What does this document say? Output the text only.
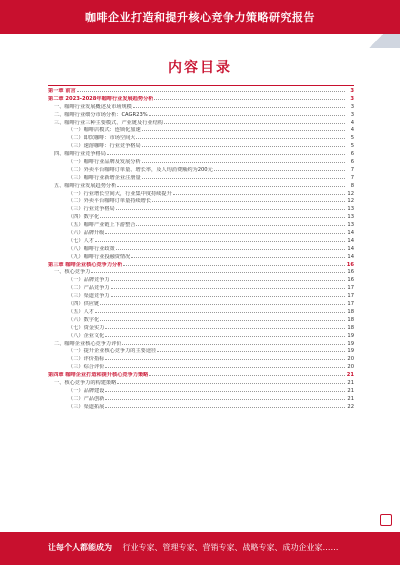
咖啡企业打造和提升核心竞争力策略研究报告
内容目录
第一章 前言	3
第二章 2023-2028年咖啡行业发展趋势分析	3
一、咖啡行业发展概述及市场规模	3
二、咖啡行业细分市场分析：CAGR23%	3
三、咖啡行业三种主要模式、产业链及行业结构	4
（一）咖啡店模式：连锁化加速	4
（二）即饮咖啡：市场空间大	5
（三）速溶咖啡：行业竞争格局	5
四、咖啡行业竞争格局	6
（一）咖啡行业品牌及发展分析	6
（二）外卖平台咖啡订单量、增长率，及人均消费额约为200元	7
（三）咖啡行业新增企业注册量	7
五、咖啡行业发展趋势分析	8
（一）行业增长空间大，行业集中度持续提升	12
（二）外卖平台咖啡订单量持续增长	12
（三）行业竞争格局	13
（四）数字化	13
（五）咖啡产业链上下游整合	13
（六）品牌升级	14
（七）人才	14
（八）咖啡行业政策	14
（九）咖啡行业投融资情况	14
第三章 咖啡企业核心竞争力分析	16
一、核心竞争力	16
（一）品牌竞争力	16
（二）产品竞争力	17
（三）渠道竞争力	17
（四）供应链	17
（五）人才	18
（六）数字化	18
（七）资金实力	18
（八）企业文化	19
二、咖啡企业核心竞争力评价	19
（一）提升企业核心竞争力的主要途径	19
（二）评价指标	20
（三）综合评价	20
第四章 咖啡企业打造和提升核心竞争力策略	21
一、核心竞争力的构建策略	21
（一）品牌建设	21
（二）产品创新	21
（三）渠道拓展	22
让每个人都能成为 行业专家、管理专家、营销专家、战略专家、成功企业家……
